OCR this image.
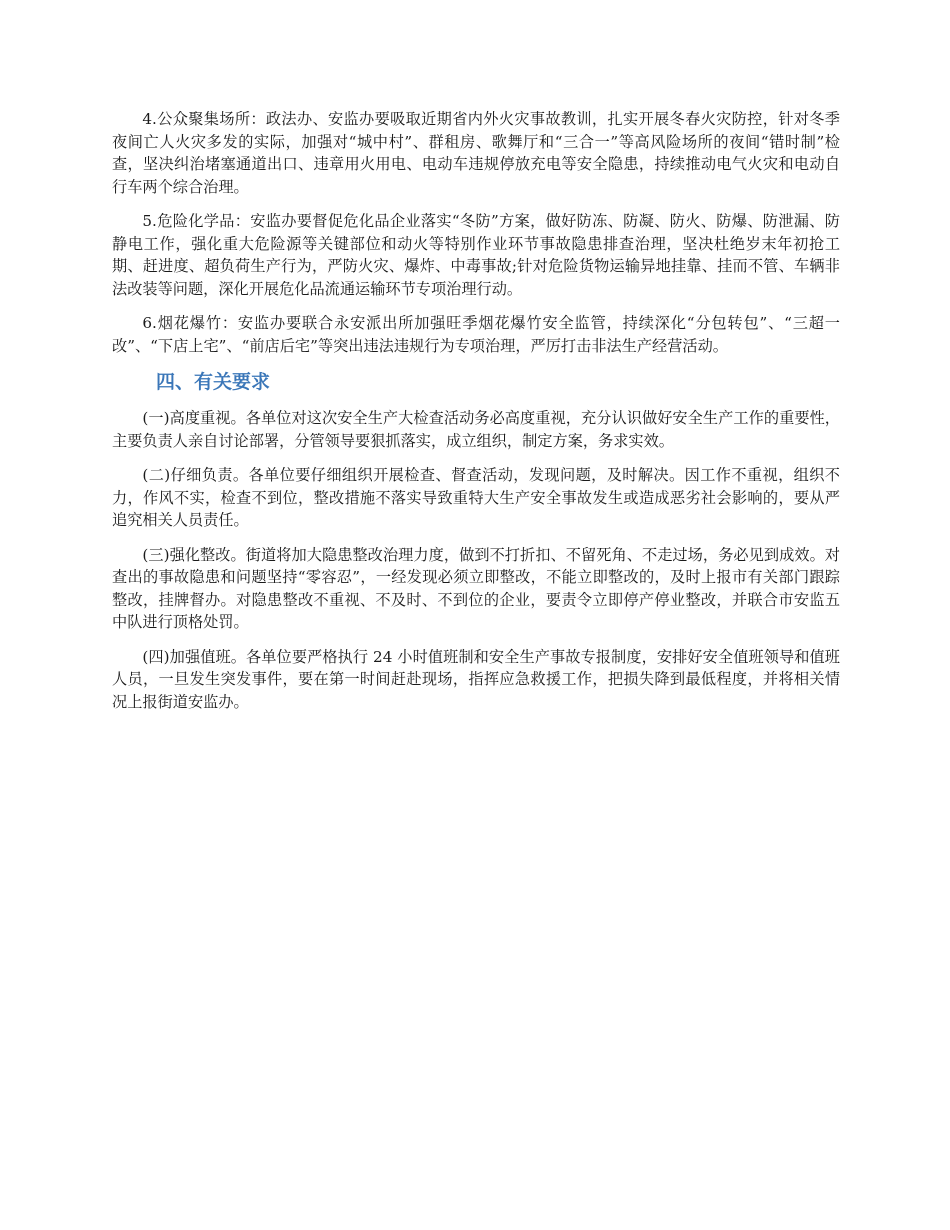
4.公众聚集场所：政法办、安监办要吸取近期省内外火灾事故教训，扎实开展冬春火灾防控，针对冬季夜间亡人火灾多发的实际，加强对“城中村”、群租房、歌舞厅和“三合一”等高风险场所的夜间“错时制”检查，坚决纠治堵塞通道出口、违章用火用电、电动车违规停放充电等安全隐患，持续推动电气火灾和电动自行车两个综合治理。

5.危险化学品：安监办要督促危化品企业落实“冬防”方案，做好防冻、防凝、防火、防爆、防泄漏、防静电工作，强化重大危险源等关键部位和动火等特别作业环节事故隐患排查治理，坚决杜绝岁末年初抢工期、赶进度、超负荷生产行为，严防火灾、爆炸、中毒事故;针对危险货物运输异地挂靠、挂而不管、车辆非法改装等问题，深化开展危化品流通运输环节专项治理行动。

6.烟花爆竹：安监办要联合永安派出所加强旺季烟花爆竹安全监管，持续深化“分包转包”、“三超一改”、“下店上宅”、“前店后宅”等突出违法违规行为专项治理，严厉打击非法生产经营活动。

四、有关要求

(一)高度重视。各单位对这次安全生产大检查活动务必高度重视，充分认识做好安全生产工作的重要性，主要负责人亲自讨论部署，分管领导要狠抓落实，成立组织，制定方案，务求实效。

(二)仔细负责。各单位要仔细组织开展检查、督查活动，发现问题，及时解决。因工作不重视，组织不力，作风不实，检查不到位，整改措施不落实导致重特大生产安全事故发生或造成恶劣社会影响的，要从严追究相关人员责任。

(三)强化整改。街道将加大隐患整改治理力度，做到不打折扣、不留死角、不走过场，务必见到成效。对查出的事故隐患和问题坚持“零容忍”，一经发现必须立即整改，不能立即整改的，及时上报市有关部门跟踪整改，挂牌督办。对隐患整改不重视、不及时、不到位的企业，要责令立即停产停业整改，并联合市安监五中队进行顶格处罚。

(四)加强值班。各单位要严格执行 24 小时值班制和安全生产事故专报制度，安排好安全值班领导和值班人员，一旦发生突发事件，要在第一时间赶赴现场，指挥应急救援工作，把损失降到最低程度，并将相关情况上报街道安监办。
